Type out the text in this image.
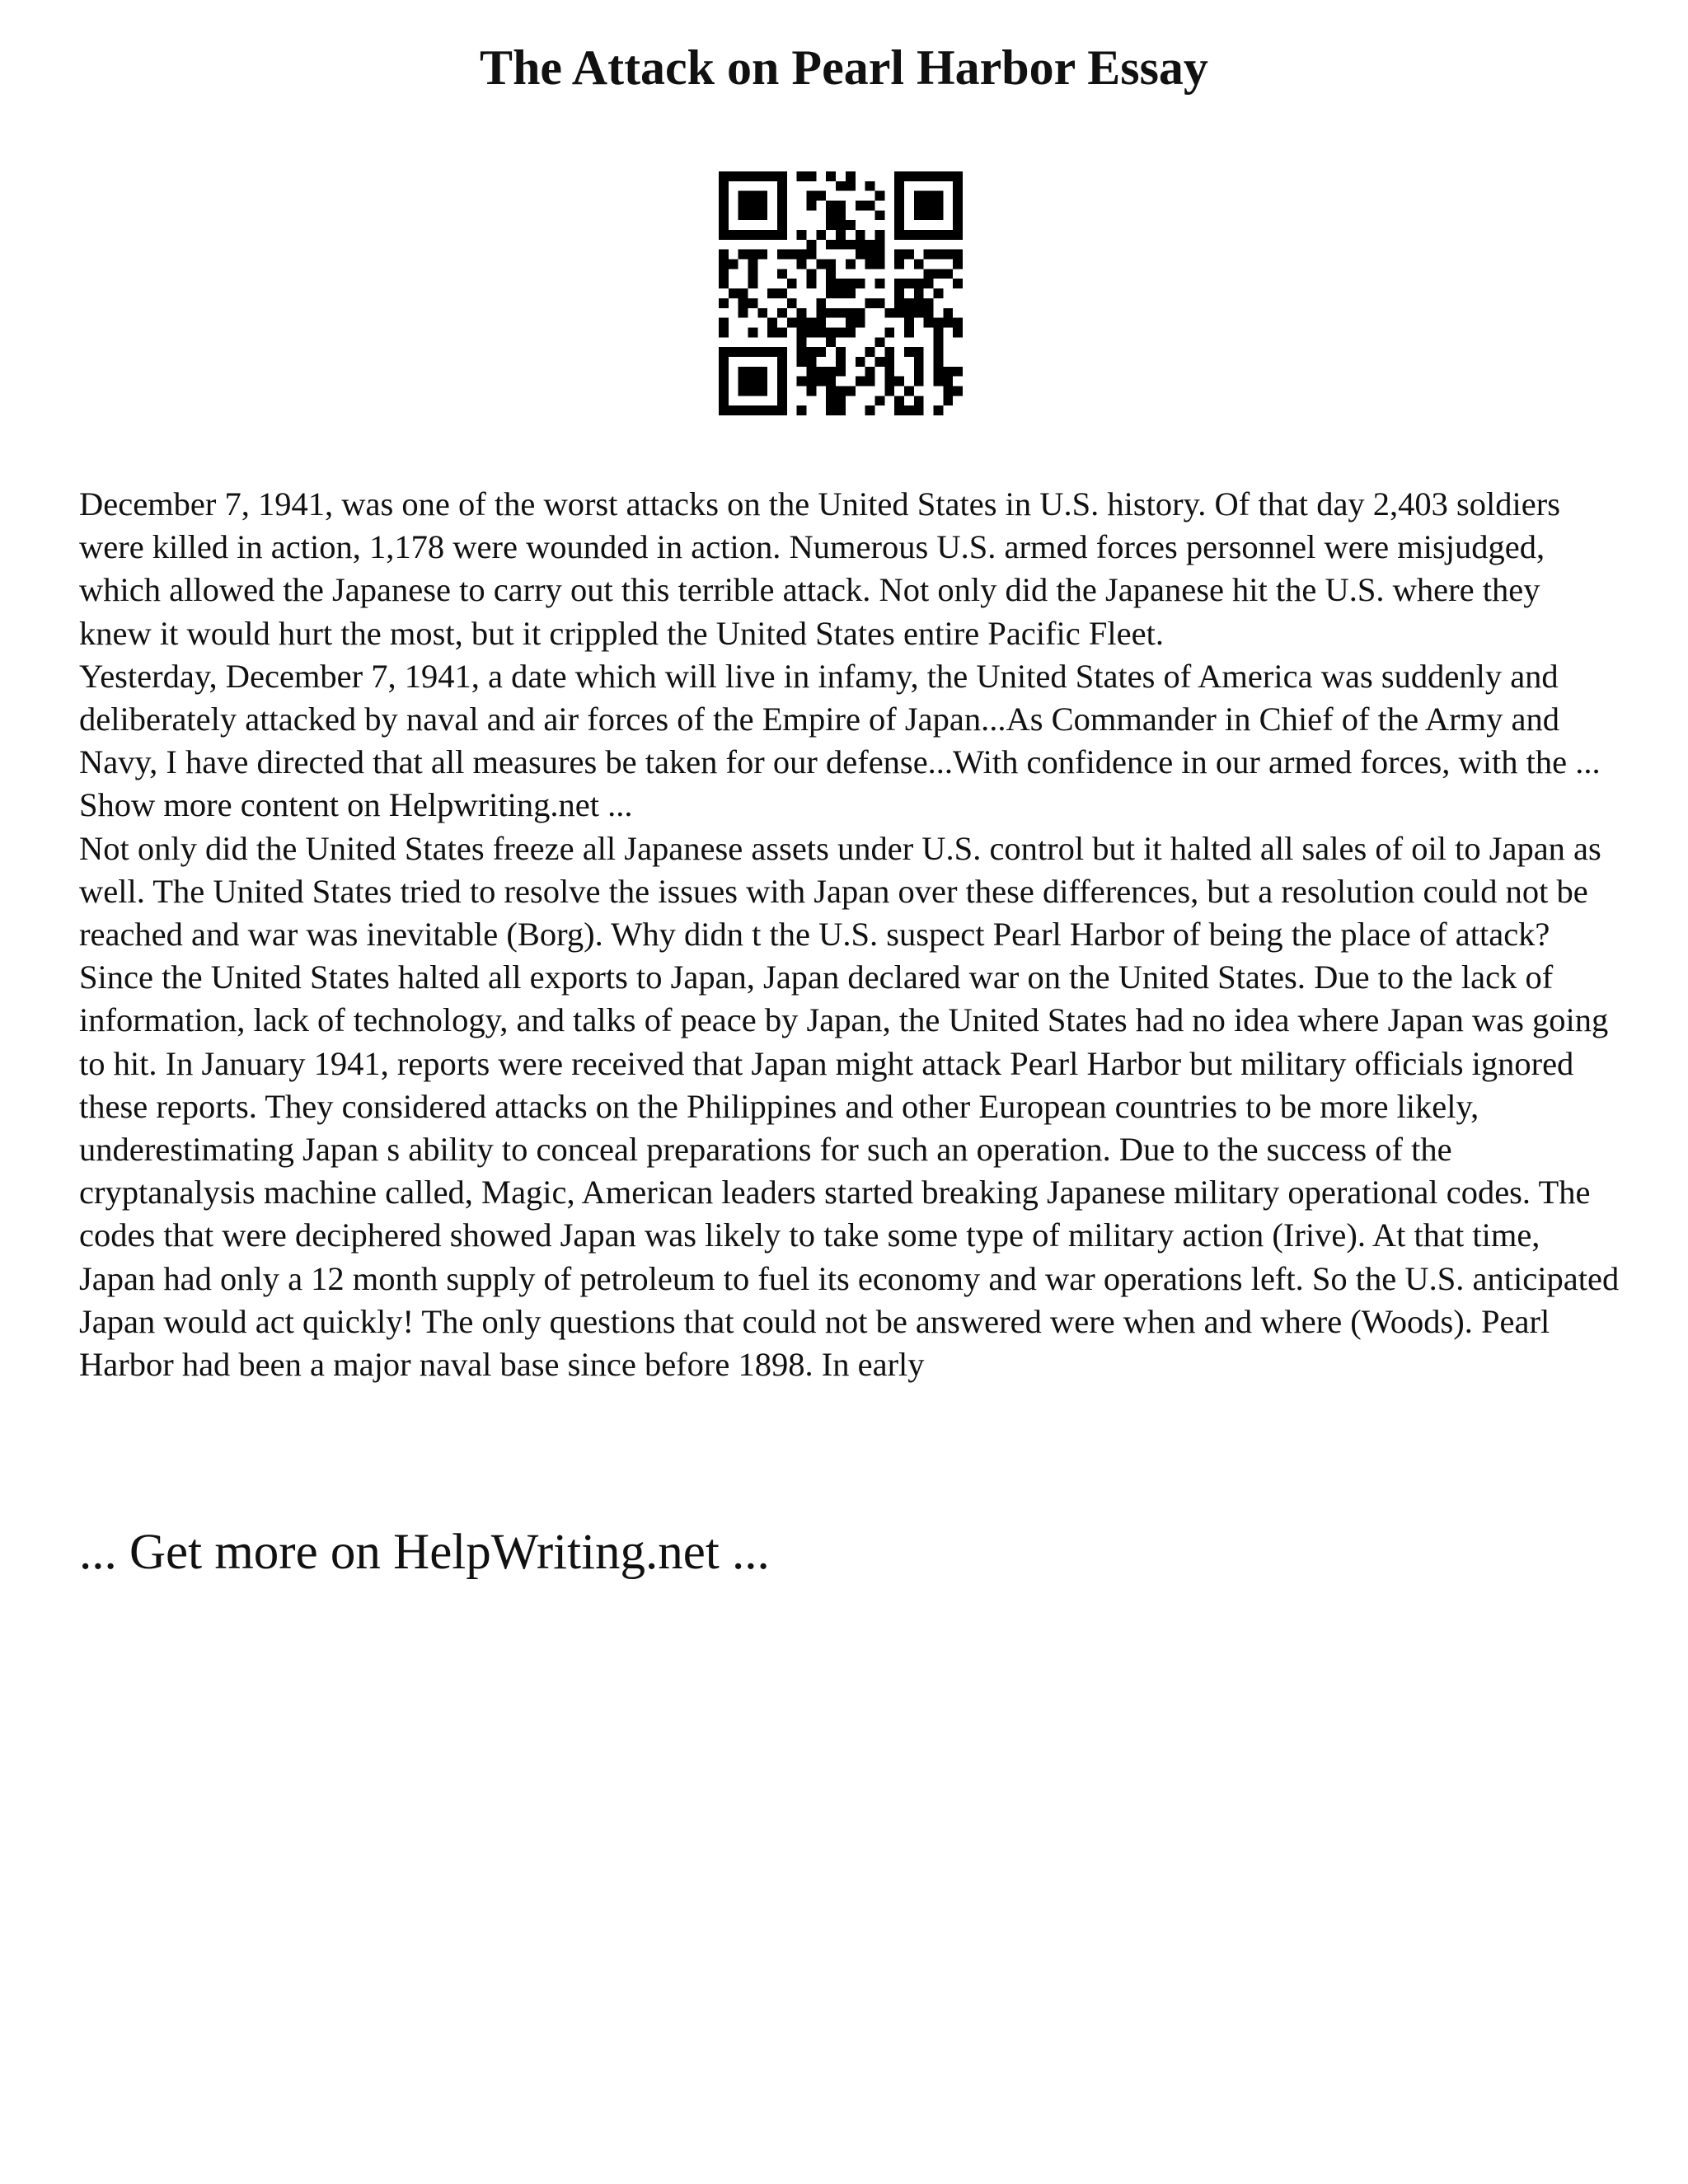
The Attack on Pearl Harbor Essay

December 7, 1941, was one of the worst attacks on the United States in U.S. history. Of that day 2,403 soldiers were killed in action, 1,178 were wounded in action. Numerous U.S. armed forces personnel were misjudged, which allowed the Japanese to carry out this terrible attack. Not only did the Japanese hit the U.S. where they knew it would hurt the most, but it crippled the United States entire Pacific Fleet.

Yesterday, December 7, 1941, a date which will live in infamy, the United States of America was suddenly and deliberately attacked by naval and air forces of the Empire of Japan...As Commander in Chief of the Army and Navy, I have directed that all measures be taken for our defense...With confidence in our armed forces, with the ... Show more content on Helpwriting.net ...

Not only did the United States freeze all Japanese assets under U.S. control but it halted all sales of oil to Japan as well. The United States tried to resolve the issues with Japan over these differences, but a resolution could not be reached and war was inevitable (Borg). Why didn t the U.S. suspect Pearl Harbor of being the place of attack? Since the United States halted all exports to Japan, Japan declared war on the United States. Due to the lack of information, lack of technology, and talks of peace by Japan, the United States had no idea where Japan was going to hit. In January 1941, reports were received that Japan might attack Pearl Harbor but military officials ignored these reports. They considered attacks on the Philippines and other European countries to be more likely, underestimating Japan s ability to conceal preparations for such an operation. Due to the success of the cryptanalysis machine called, Magic, American leaders started breaking Japanese military operational codes. The codes that were deciphered showed Japan was likely to take some type of military action (Irive). At that time, Japan had only a 12 month supply of petroleum to fuel its economy and war operations left. So the U.S. anticipated Japan would act quickly! The only questions that could not be answered were when and where (Woods). Pearl Harbor had been a major naval base since before 1898. In early

... Get more on HelpWriting.net ...
